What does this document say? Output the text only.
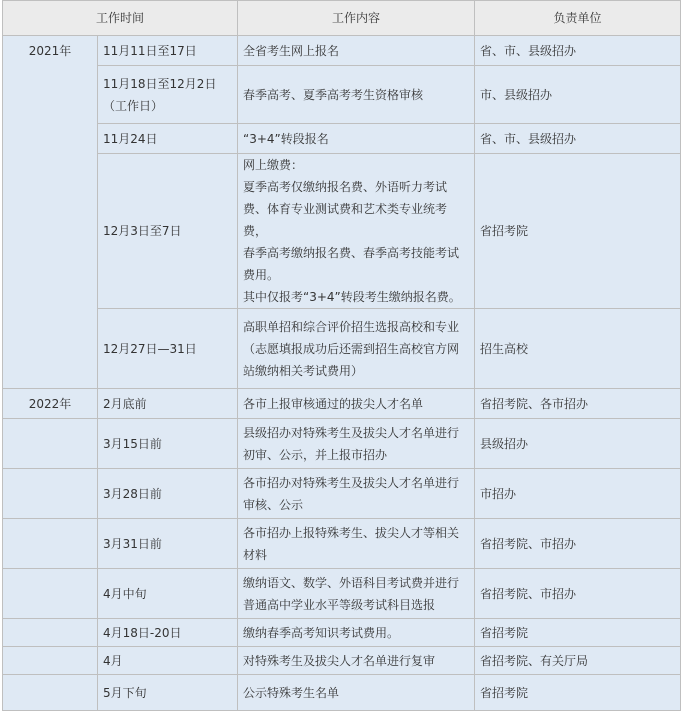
工作时间		工作内容	负责单位
2021年	11月11日至17日	全省考生网上报名	省、市、县级招办
	11月18日至12月2日（工作日）	春季高考、夏季高考考生资格审核	市、县级招办
	11月24日	“3+4”转段报名	省、市、县级招办
	12月3日至7日	网上缴费：
夏季高考仅缴纳报名费、外语听力考试费、体育专业测试费和艺术类专业统考费，
春季高考缴纳报名费、春季高考技能考试费用。
其中仅报考“3+4”转段考生缴纳报名费。	省招考院
	12月27日—31日	高职单招和综合评价招生选报高校和专业（志愿填报成功后还需到招生高校官方网站缴纳相关考试费用）	招生高校
2022年	2月底前	各市上报审核通过的拔尖人才名单	省招考院、各市招办
	3月15日前	县级招办对特殊考生及拔尖人才名单进行初审、公示，并上报市招办	县级招办
	3月28日前	各市招办对特殊考生及拔尖人才名单进行审核、公示	市招办
	3月31日前	各市招办上报特殊考生、拔尖人才等相关材料	省招考院、市招办
	4月中旬	缴纳语文、数学、外语科目考试费并进行普通高中学业水平等级考试科目选报	省招考院、市招办
	4月18日-20日	缴纳春季高考知识考试费用。	省招考院
	4月	对特殊考生及拔尖人才名单进行复审	省招考院、有关厅局
	5月下旬	公示特殊考生名单	省招考院
